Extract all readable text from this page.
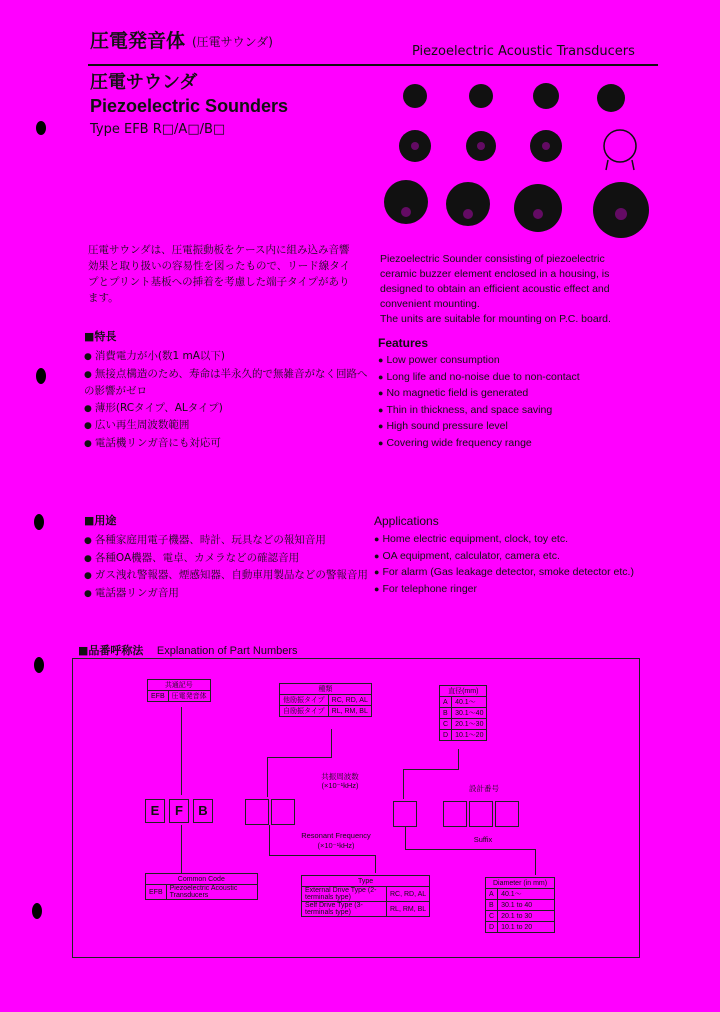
圧電発音体 (圧電サウンダ)
Piezoelectric Acoustic Transducers
圧電サウンダ
Piezoelectric Sounders
Type EFB R□/A□/B□
圧電サウンダは、圧電振動板をケース内に組み込み音響効果と取り扱いの容易性を図ったもので、リード線タイプとプリント基板への挿着を考慮した端子タイプがあります。
Piezoelectric Sounder consisting of piezoelectric
ceramic buzzer element enclosed in a housing, is
designed to obtain an efficient acoustic effect and
convenient mounting.
The units are suitable for mounting on P.C. board.
■特長
● 消費電力が小(数1 mA以下)
● 無接点構造のため、寿命は半永久的で無雑音がなく回路への影響がゼロ
● 薄形(RCタイプ、ALタイプ)
● 広い再生周波数範囲
● 電話機リンガ音にも対応可
Features
● Low power consumption
● Long life and no-noise due to non-contact
● No magnetic field is generated
● Thin in thickness, and space saving
● High sound pressure level
● Covering wide frequency range
■用途
● 各種家庭用電子機器、時計、玩具などの報知音用
● 各種OA機器、電卓、カメラなどの確認音用
● ガス洩れ警報器、煙感知器、自動車用製品などの警報音用
● 電話器リンガ音用
Applications
● Home electric equipment, clock, toy etc.
● OA equipment, calculator, camera etc.
● For alarm (Gas leakage detector, smoke detector etc.)
● For telephone ringer
■品番呼称法 Explanation of Part Numbers
共通記号
EFB	圧電発音体
種類	
他励振タイプ	RC, RD, AL
自励振タイプ	RL, RM, BL
直径(mm)	
A	40.1〜
B	30.1〜40
C	20.1〜30
D	10.1〜20
共振周波数
(×10⁻¹kHz)	設計番号
E	F	B
Resonant Frequency
(×10⁻¹kHz)
Suffix
Common Code
EFB	Piezoelectric Acoustic Transducers
Type	
External Drive Type (2-terminals type)	RC, RD, AL
Self Drive Type (3-terminals type)	RL, RM, BL
Diameter (in mm)	
A	40.1〜
B	30.1 to 40
C	20.1 to 30
D	10.1 to 20
